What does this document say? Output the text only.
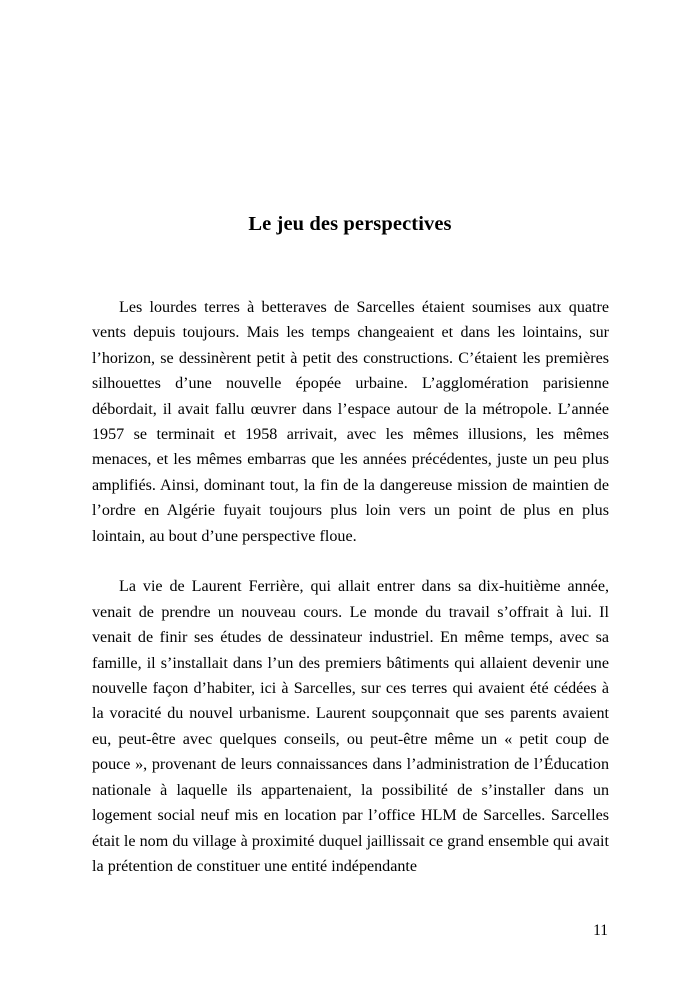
Le jeu des perspectives

Les lourdes terres à betteraves de Sarcelles étaient soumises aux quatre vents depuis toujours. Mais les temps changeaient et dans les lointains, sur l’horizon, se dessinèrent petit à petit des constructions. C’étaient les premières silhouettes d’une nouvelle épopée urbaine. L’agglomération parisienne débordait, il avait fallu œuvrer dans l’espace autour de la métropole. L’année 1957 se terminait et 1958 arrivait, avec les mêmes illusions, les mêmes menaces, et les mêmes embarras que les années précédentes, juste un peu plus amplifiés. Ainsi, dominant tout, la fin de la dangereuse mission de maintien de l’ordre en Algérie fuyait toujours plus loin vers un point de plus en plus lointain, au bout d’une perspective floue.

La vie de Laurent Ferrière, qui allait entrer dans sa dix-huitième année, venait de prendre un nouveau cours. Le monde du travail s’offrait à lui. Il venait de finir ses études de dessinateur industriel. En même temps, avec sa famille, il s’installait dans l’un des premiers bâtiments qui allaient devenir une nouvelle façon d’habiter, ici à Sarcelles, sur ces terres qui avaient été cédées à la voracité du nouvel urbanisme. Laurent soupçonnait que ses parents avaient eu, peut-être avec quelques conseils, ou peut-être même un « petit coup de pouce », provenant de leurs connaissances dans l’administration de l’Éducation nationale à laquelle ils appartenaient, la possibilité de s’installer dans un logement social neuf mis en location par l’office HLM de Sarcelles. Sarcelles était le nom du village à proximité duquel jaillissait ce grand ensemble qui avait la prétention de constituer une entité indépendante

11
